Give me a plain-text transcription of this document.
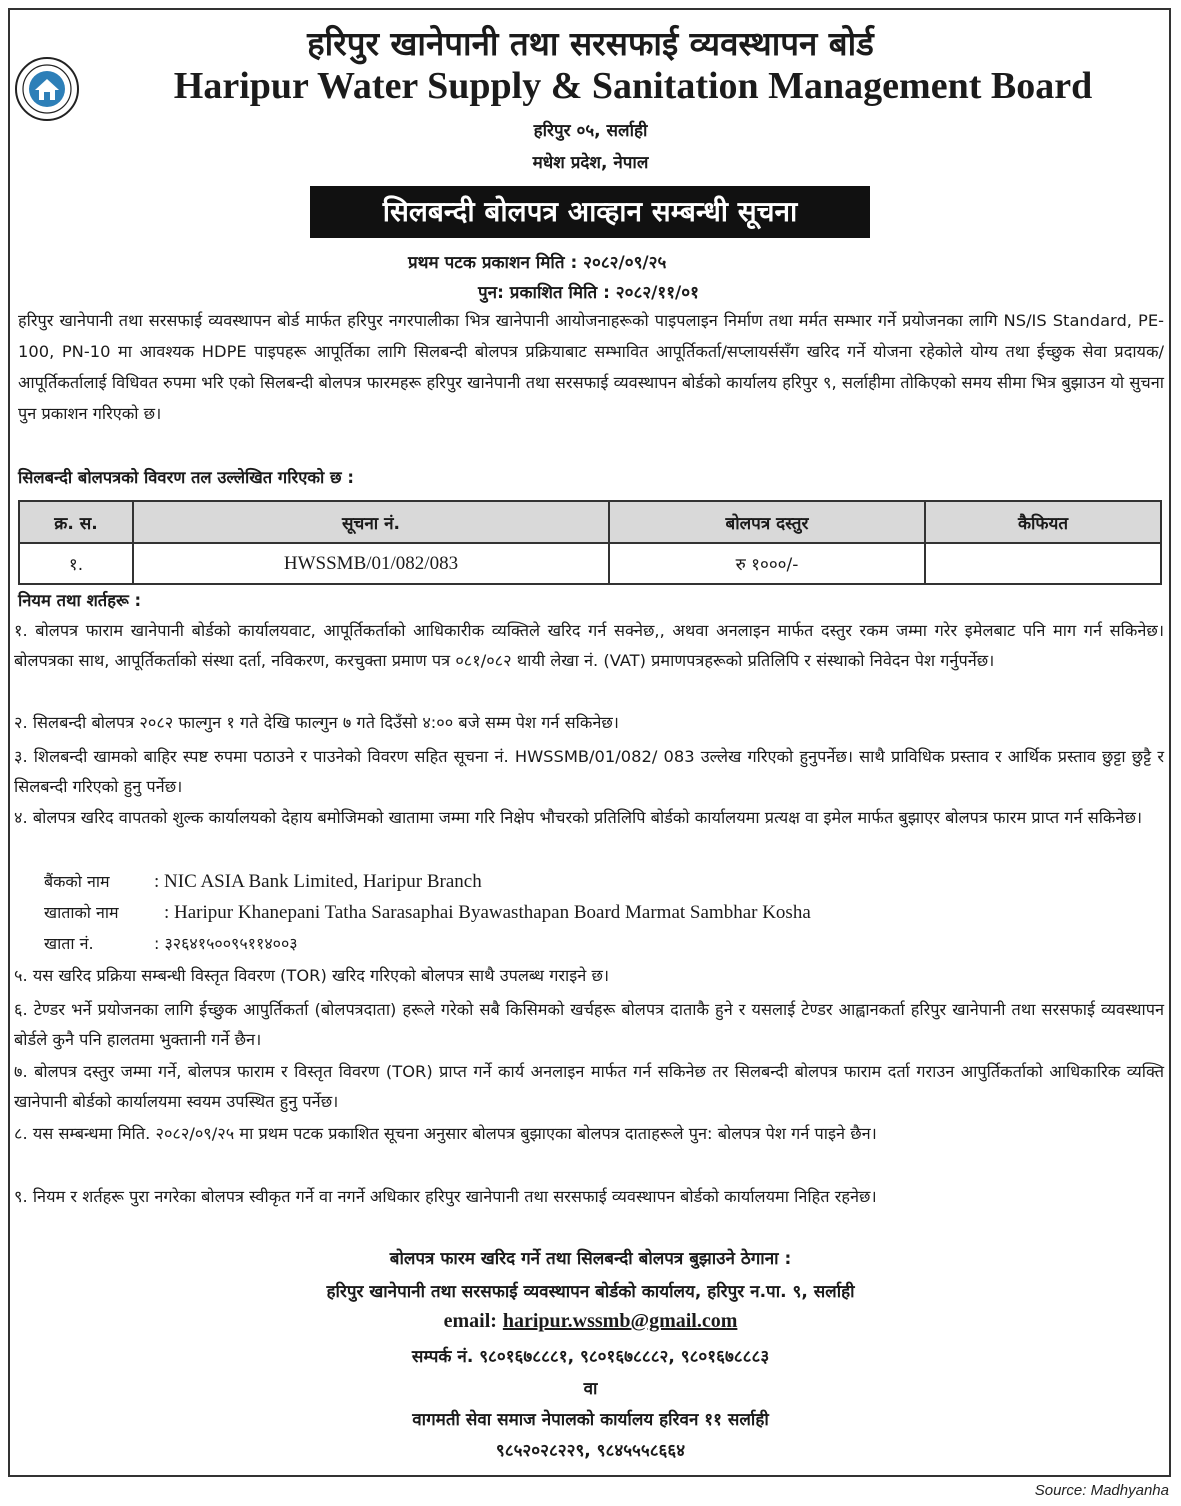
हरिपुर खानेपानी तथा सरसफाई व्यवस्थापन बोर्ड
Haripur Water Supply & Sanitation Management Board
हरिपुर ०५, सर्लाही
मधेश प्रदेश, नेपाल
सिलबन्दी बोलपत्र आव्हान सम्बन्धी सूचना
प्रथम पटक प्रकाशन मिति : २०८२/०९/२५
पुन: प्रकाशित मिति : २०८२/११/०१

हरिपुर खानेपानी तथा सरसफाई व्यवस्थापन बोर्ड मार्फत हरिपुर नगरपालीका भित्र खानेपानी आयोजनाहरूको पाइपलाइन निर्माण तथा मर्मत सम्भार गर्ने प्रयोजनका लागि NS/IS Standard, PE-100, PN-10 मा आवश्यक HDPE पाइपहरू आपूर्तिका लागि सिलबन्दी बोलपत्र प्रक्रियाबाट सम्भावित आपूर्तिकर्ता/सप्लायर्ससँग खरिद गर्ने योजना रहेकोले योग्य तथा ईच्छुक सेवा प्रदायक/आपूर्तिकर्तालाई विधिवत रुपमा भरि एको सिलबन्दी बोलपत्र फारमहरू हरिपुर खानेपानी तथा सरसफाई व्यवस्थापन बोर्डको कार्यालय हरिपुर ९, सर्लाहीमा तोकिएको समय सीमा भित्र बुझाउन यो सुचना पुन प्रकाशन गरिएको छ।

सिलबन्दी बोलपत्रको विवरण तल उल्लेखित गरिएको छ :
क्र. स.	सूचना नं.	बोलपत्र दस्तुर	कैफियत
१.	HWSSMB/01/082/083	रु १०००/-	
नियम तथा शर्तहरू :
१. बोलपत्र फाराम खानेपानी बोर्डको कार्यालयवाट, आपूर्तिकर्ताको आधिकारीक व्यक्तिले खरिद गर्न सक्नेछ,, अथवा अनलाइन मार्फत दस्तुर रकम जम्मा गरेर इमेलबाट पनि माग गर्न सकिनेछ। बोलपत्रका साथ, आपूर्तिकर्ताको संस्था दर्ता, नविकरण, करचुक्ता प्रमाण पत्र ०८१/०८२ थायी लेखा नं. (VAT) प्रमाणपत्रहरूको प्रतिलिपि र संस्थाको निवेदन पेश गर्नुपर्नेछ।
२. सिलबन्दी बोलपत्र २०८२ फाल्गुन १ गते देखि फाल्गुन ७ गते दिउँसो ४:०० बजे सम्म पेश गर्न सकिनेछ।
३. शिलबन्दी खामको बाहिर स्पष्ट रुपमा पठाउने र पाउनेको विवरण सहित सूचना नं. HWSSMB/01/082/ 083 उल्लेख गरिएको हुनुपर्नेछ। साथै प्राविधिक प्रस्ताव र आर्थिक प्रस्ताव छुट्टा छुट्टै र सिलबन्दी गरिएको हुनु पर्नेछ।
४. बोलपत्र खरिद वापतको शुल्क कार्यालयको देहाय बमोजिमको खातामा जम्मा गरि निक्षेप भौचरको प्रतिलिपि बोर्डको कार्यालयमा प्रत्यक्ष वा इमेल मार्फत बुझाएर बोलपत्र फारम प्राप्त गर्न सकिनेछ।
बैंकको नाम : NIC ASIA Bank Limited, Haripur Branch
खाताको नाम : Haripur Khanepani Tatha Sarasaphai Byawasthapan Board Marmat Sambhar Kosha
खाता नं.	: ३२६४१५००९५११४००३
५. यस खरिद प्रक्रिया सम्बन्धी विस्तृत विवरण (TOR) खरिद गरिएको बोलपत्र साथै उपलब्ध गराइने छ।
६. टेण्डर भर्ने प्रयोजनका लागि ईच्छुक आपुर्तिकर्ता (बोलपत्रदाता) हरूले गरेको सबै किसिमको खर्चहरू बोलपत्र दाताकै हुने र यसलाई टेण्डर आह्वानकर्ता हरिपुर खानेपानी तथा सरसफाई व्यवस्थापन बोर्डले कुनै पनि हालतमा भुक्तानी गर्ने छैन।
७. बोलपत्र दस्तुर जम्मा गर्ने, बोलपत्र फाराम र विस्तृत विवरण (TOR) प्राप्त गर्ने कार्य अनलाइन मार्फत गर्न सकिनेछ तर सिलबन्दी बोलपत्र फाराम दर्ता गराउन आपुर्तिकर्ताको आधिकारिक व्यक्ति खानेपानी बोर्डको कार्यालयमा स्वयम उपस्थित हुनु पर्नेछ।
८. यस सम्बन्धमा मिति. २०८२/०९/२५ मा प्रथम पटक प्रकाशित सूचना अनुसार बोलपत्र बुझाएका बोलपत्र दाताहरूले पुन: बोलपत्र पेश गर्न पाइने छैन।
९. नियम र शर्तहरू पुरा नगरेका बोलपत्र स्वीकृत गर्ने वा नगर्ने अधिकार हरिपुर खानेपानी तथा सरसफाई व्यवस्थापन बोर्डको कार्यालयमा निहित रहनेछ।
बोलपत्र फारम खरिद गर्ने तथा सिलबन्दी बोलपत्र बुझाउने ठेगाना :
हरिपुर खानेपानी तथा सरसफाई व्यवस्थापन बोर्डको कार्यालय, हरिपुर न.पा. ९, सर्लाही
email: haripur.wssmb@gmail.com
सम्पर्क नं. ९८०१६७८८८१, ९८०१६७८८८२, ९८०१६७८८८३
वा
वागमती सेवा समाज नेपालको कार्यालय हरिवन ११ सर्लाही
९८५२०२८२२९, ९८४५५५८६६४
Source: Madhyanha
